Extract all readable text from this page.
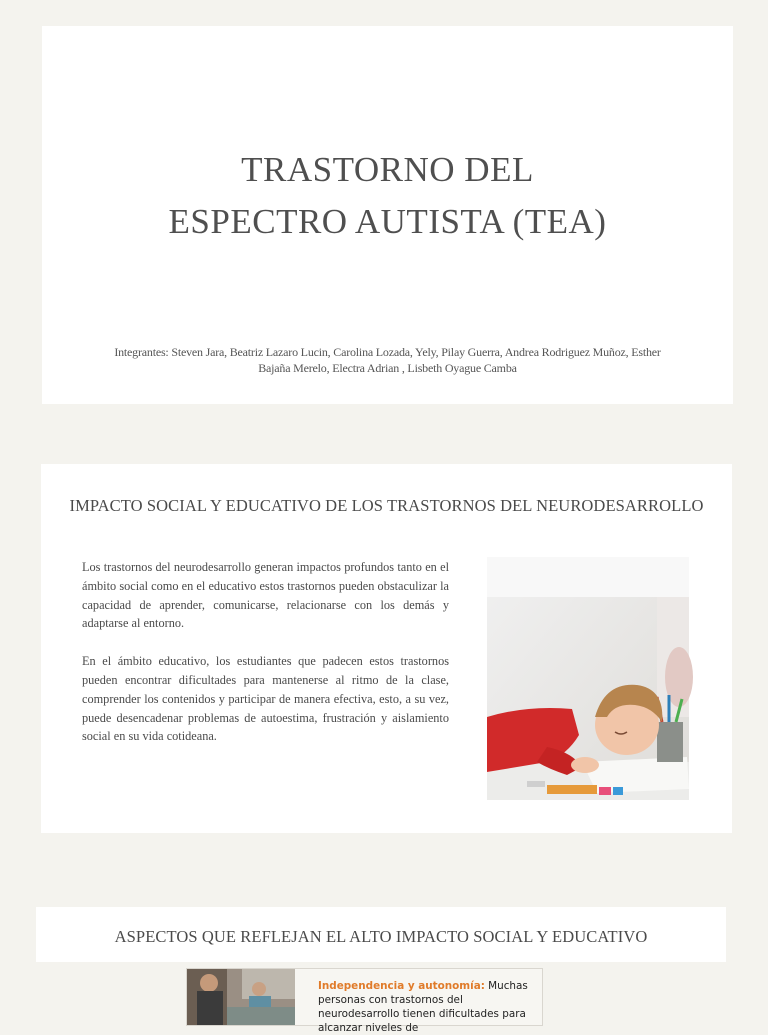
TRASTORNO DEL
ESPECTRO AUTISTA (TEA)
Integrantes: Steven Jara, Beatriz Lazaro Lucin, Carolina Lozada, Yely, Pilay Guerra, Andrea Rodriguez Muñoz, Esther
Bajaña Merelo, Electra Adrian , Lisbeth Oyague Camba
IMPACTO SOCIAL Y EDUCATIVO DE LOS TRASTORNOS DEL NEURODESARROLLO

Los trastornos del neurodesarrollo generan impactos profundos tanto en el ámbito social como en el educativo estos trastornos pueden obstaculizar la capacidad de aprender, comunicarse, relacionarse con los demás y adaptarse al entorno.

En el ámbito educativo, los estudiantes que padecen estos trastornos pueden encontrar dificultades para mantenerse al ritmo de la clase, comprender los contenidos y participar de manera efectiva, esto, a su vez, puede desencadenar problemas de autoestima, frustración y aislamiento social en su vida cotideana.

ASPECTOS QUE REFLEJAN EL ALTO IMPACTO SOCIAL Y EDUCATIVO
Independencia y autonomía: Muchas personas con trastornos del neurodesarrollo tienen dificultades para alcanzar niveles de
